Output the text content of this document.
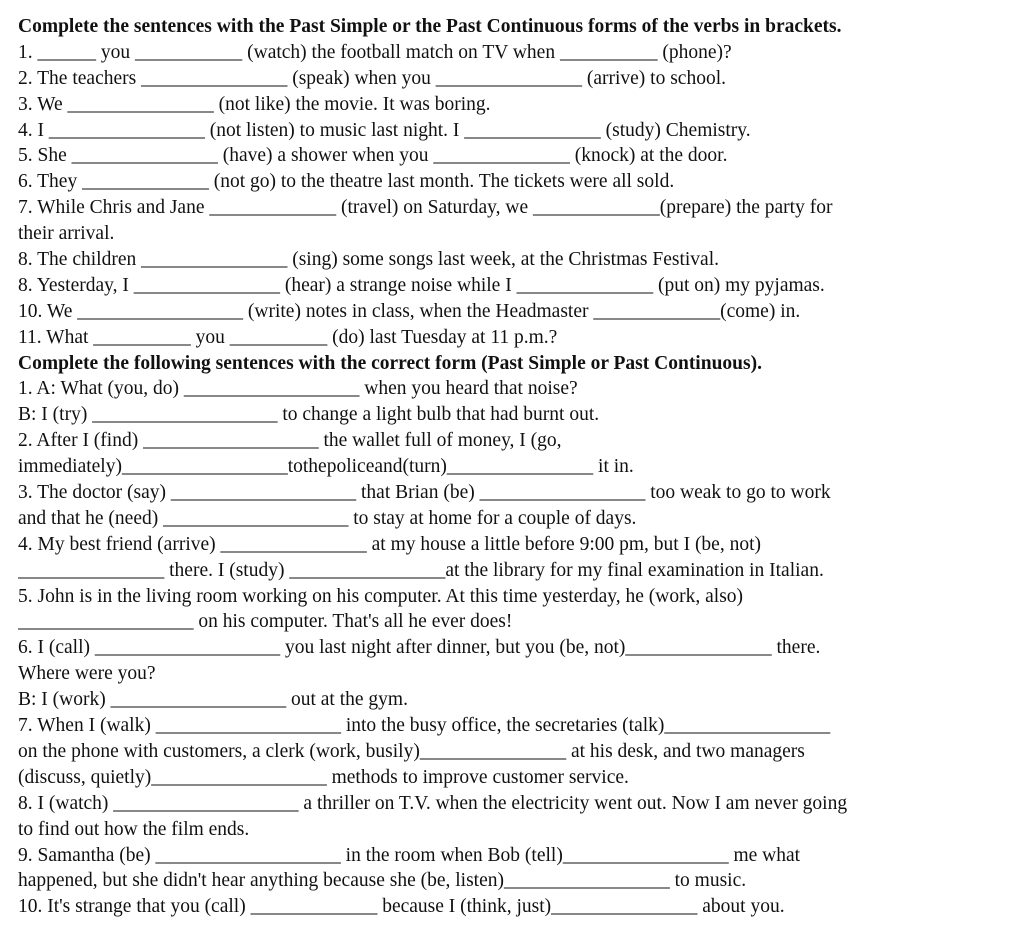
Complete the sentences with the Past Simple or the Past Continuous forms of the verbs in brackets.
1. ______ you ___________ (watch) the football match on TV when __________ (phone)?
2. The teachers _______________ (speak) when you _______________ (arrive) to school.
3. We _______________ (not like) the movie. It was boring.
4. I ________________ (not listen) to music last night. I ______________ (study) Chemistry.
5. She _______________ (have) a shower when you ______________ (knock) at the door.
6. They _____________ (not go) to the theatre last month. The tickets were all sold.
7. While Chris and Jane _____________ (travel) on Saturday, we _____________(prepare) the party for
their arrival.
8. The children _______________ (sing) some songs last week, at the Christmas Festival.
8. Yesterday, I _______________ (hear) a strange noise while I ______________ (put on) my pyjamas.
10. We _________________ (write) notes in class, when the Headmaster _____________(come) in.
11. What __________ you __________ (do) last Tuesday at 11 p.m.?
Complete the following sentences with the correct form (Past Simple or Past Continuous).
1. A: What (you, do) __________________ when you heard that noise?
B: I (try) ___________________ to change a light bulb that had burnt out.
2. After I (find) __________________ the wallet full of money, I (go,
immediately)_________________tothepoliceand(turn)_______________ it in.
3. The doctor (say) ___________________ that Brian (be) _________________ too weak to go to work
and that he (need) ___________________ to stay at home for a couple of days.
4. My best friend (arrive) _______________ at my house a little before 9:00 pm, but I (be, not)
_______________ there. I (study) ________________at the library for my final examination in Italian.
5. John is in the living room working on his computer. At this time yesterday, he (work, also)
__________________ on his computer. That's all he ever does!
6. I (call) ___________________ you last night after dinner, but you (be, not)_______________ there.
Where were you?
B: I (work) __________________ out at the gym.
7. When I (walk) ___________________ into the busy office, the secretaries (talk)_________________
on the phone with customers, a clerk (work, busily)_______________ at his desk, and two managers
(discuss, quietly)__________________ methods to improve customer service.
8. I (watch) ___________________ a thriller on T.V. when the electricity went out. Now I am never going
to find out how the film ends.
9. Samantha (be) ___________________ in the room when Bob (tell)_________________ me what
happened, but she didn't hear anything because she (be, listen)_________________ to music.
10. It's strange that you (call) _____________ because I (think, just)_______________ about you.
